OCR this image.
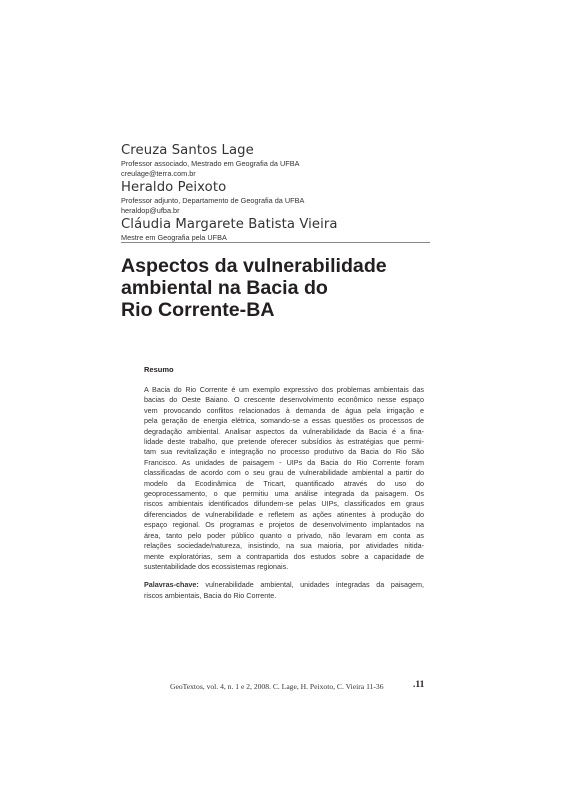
Creuza Santos Lage
Professor associado, Mestrado em Geografia da UFBA
creulage@terra.com.br
Heraldo Peixoto
Professor adjunto, Departamento de Geografia da UFBA
heraldop@ufba.br
Cláudia Margarete Batista Vieira
Mestre em Geografia pela UFBA
Aspectos da vulnerabilidade
ambiental na Bacia do
Rio Corrente-BA
Resumo
A Bacia do Rio Corrente é um exemplo expressivo dos problemas ambientais das
bacias do Oeste Baiano. O crescente desenvolvimento econômico nesse espaço
vem provocando conflitos relacionados à demanda de água pela irrigação e
pela geração de energia elétrica, somando-se a essas questões os processos de
degradação ambiental. Analisar aspectos da vulnerabilidade da Bacia é a fina-
lidade deste trabalho, que pretende oferecer subsídios às estratégias que permi-
tam sua revitalização e integração no processo produtivo da Bacia do Rio São
Francisco. As unidades de paisagem - UIPs da Bacia do Rio Corrente foram
classificadas de acordo com o seu grau de vulnerabilidade ambiental a partir do
modelo da Ecodinâmica de Tricart, quantificado através do uso do
geoprocessamento, o que permitiu uma análise integrada da paisagem. Os
riscos ambientais identificados difundem-se pelas UIPs, classificados em graus
diferenciados de vulnerabilidade e refletem as ações atinentes à produção do
espaço regional. Os programas e projetos de desenvolvimento implantados na
área, tanto pelo poder público quanto o privado, não levaram em conta as
relações sociedade/natureza, insistindo, na sua maioria, por atividades nitida-
mente exploratórias, sem a contrapartida dos estudos sobre a capacidade de
sustentabilidade dos ecossistemas regionais.
Palavras-chave: vulnerabilidade ambiental, unidades integradas da paisagem,
riscos ambientais, Bacia do Rio Corrente.
GeoTextos, vol. 4, n. 1 e 2, 2008. C. Lage, H. Peixoto, C. Vieira 11-36	.11
